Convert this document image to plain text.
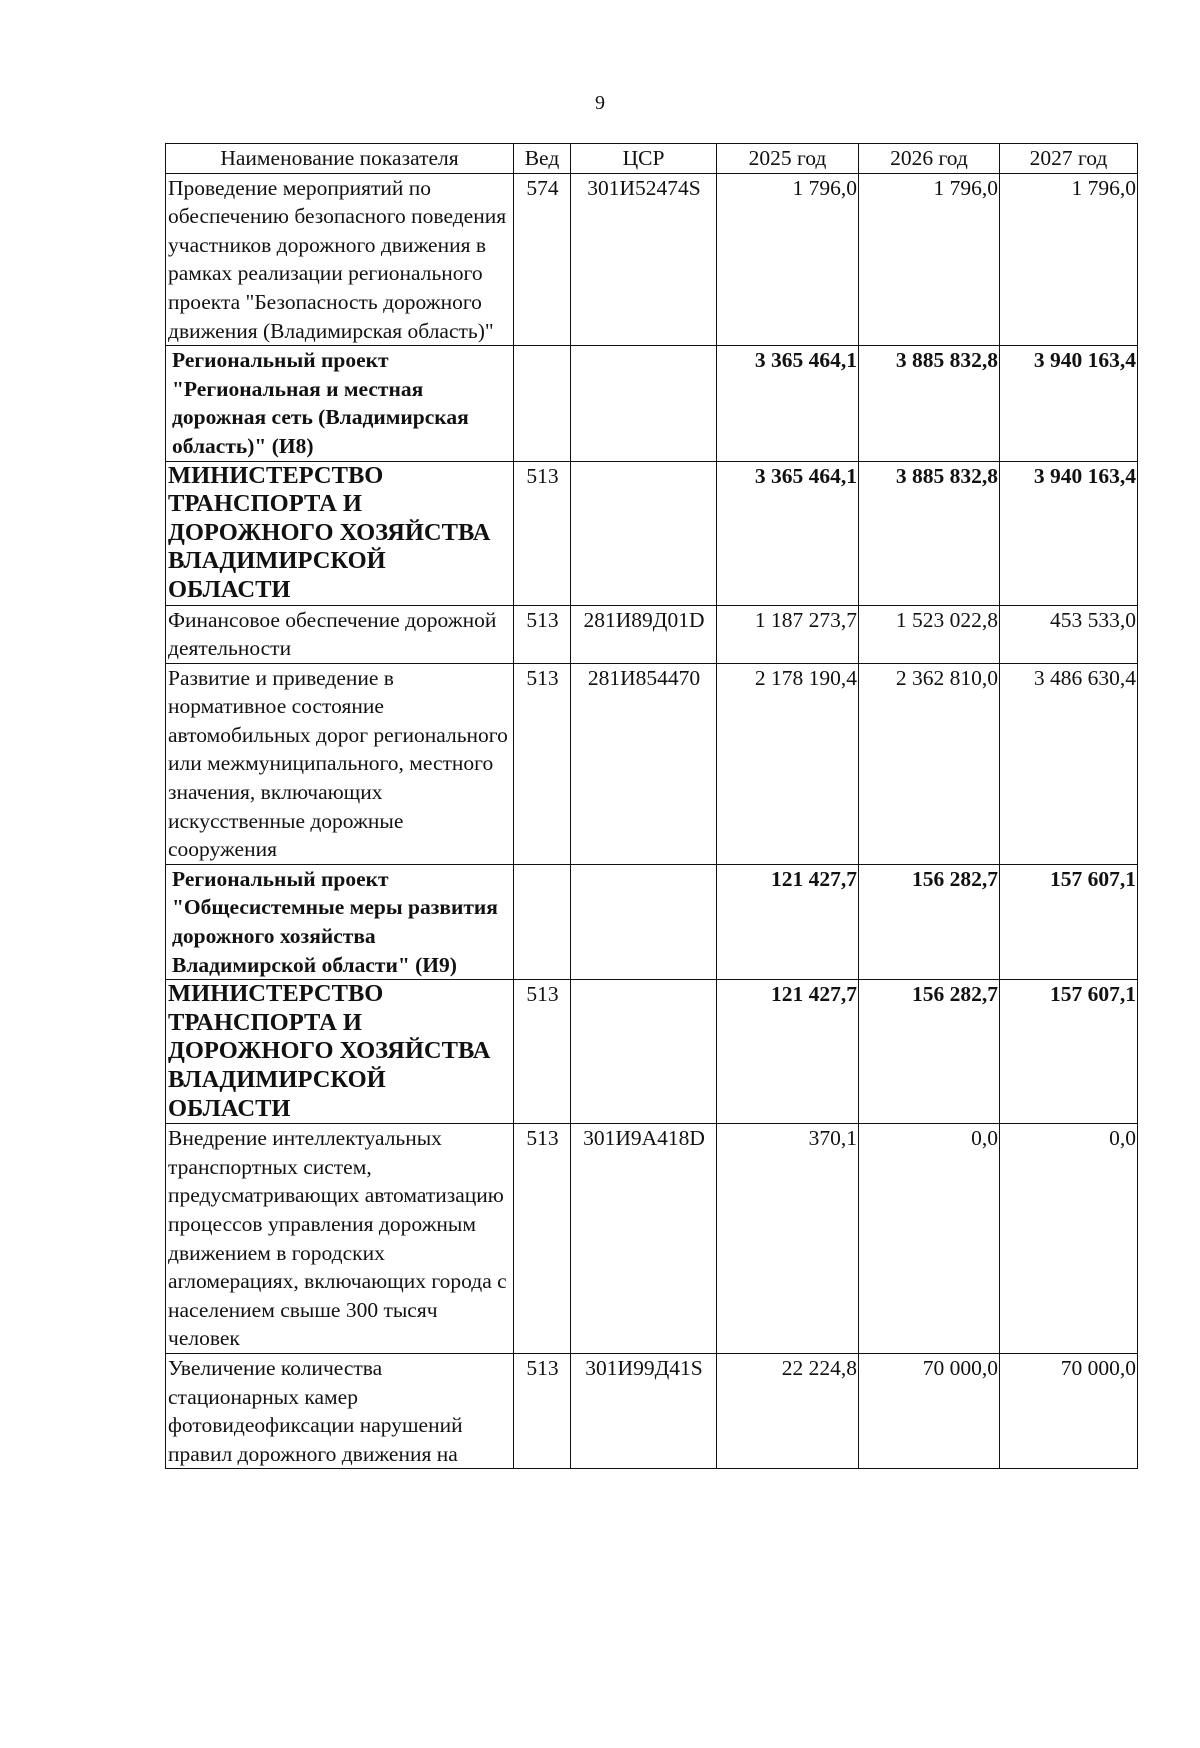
9
Наименование показателя	Вед	ЦСР	2025 год	2026 год	2027 год
Проведение мероприятий по обеспечению безопасного поведения участников дорожного движения в рамках реализации регионального проекта "Безопасность дорожного движения (Владимирская область)"	574	301И52474S	1 796,0	1 796,0	1 796,0
Региональный проект "Региональная и местная дорожная сеть (Владимирская область)" (И8)			3 365 464,1	3 885 832,8	3 940 163,4
МИНИСТЕРСТВО ТРАНСПОРТА И ДОРОЖНОГО ХОЗЯЙСТВА ВЛАДИМИРСКОЙ ОБЛАСТИ	513		3 365 464,1	3 885 832,8	3 940 163,4
Финансовое обеспечение дорожной деятельности	513	281И89Д01D	1 187 273,7	1 523 022,8	453 533,0
Развитие и приведение в нормативное состояние автомобильных дорог регионального или межмуниципального, местного значения, включающих искусственные дорожные сооружения	513	281И854470	2 178 190,4	2 362 810,0	3 486 630,4
Региональный проект "Общесистемные меры развития дорожного хозяйства Владимирской области" (И9)			121 427,7	156 282,7	157 607,1
МИНИСТЕРСТВО ТРАНСПОРТА И ДОРОЖНОГО ХОЗЯЙСТВА ВЛАДИМИРСКОЙ ОБЛАСТИ	513		121 427,7	156 282,7	157 607,1
Внедрение интеллектуальных транспортных систем, предусматривающих автоматизацию процессов управления дорожным движением в городских агломерациях, включающих города с населением свыше 300 тысяч человек	513	301И9А418D	370,1	0,0	0,0
Увеличение количества стационарных камер фотовидеофиксации нарушений правил дорожного движения на	513	301И99Д41S	22 224,8	70 000,0	70 000,0
